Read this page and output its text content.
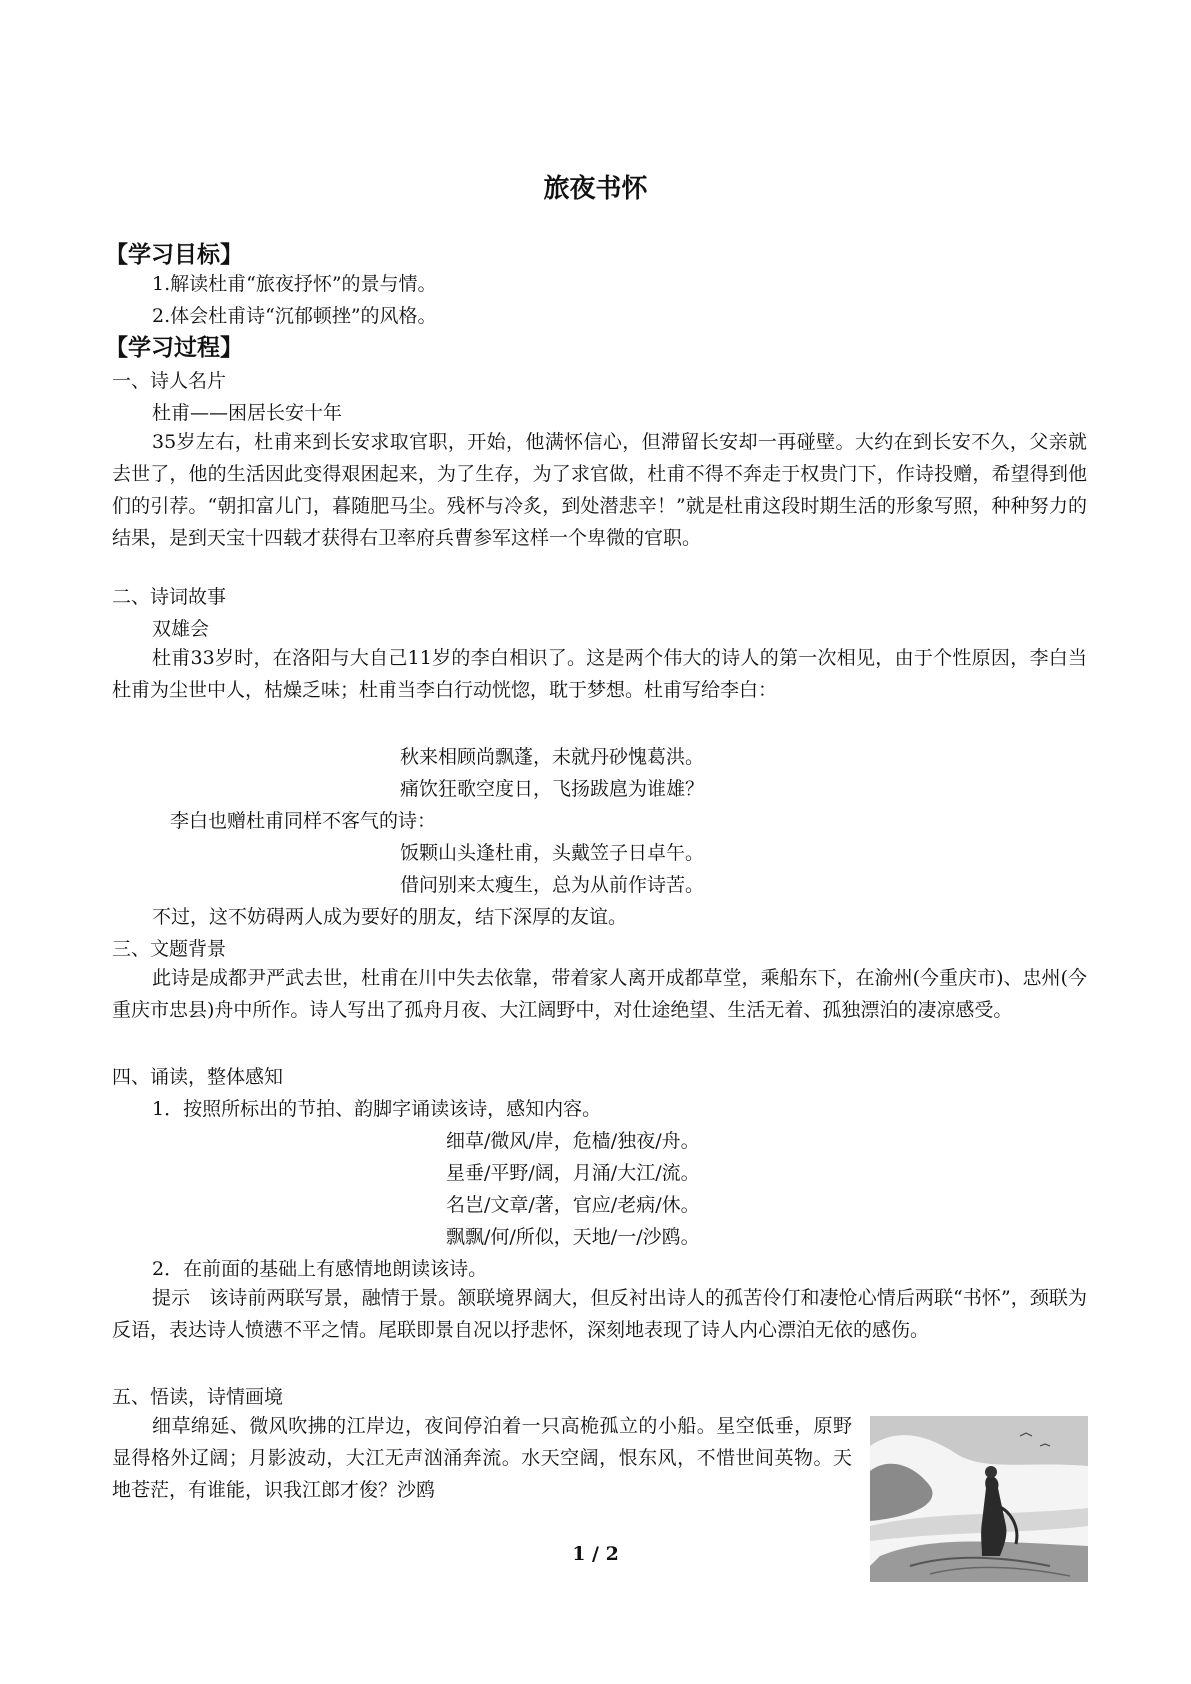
旅夜书怀
【学习目标】
1.解读杜甫“旅夜抒怀”的景与情。
2.体会杜甫诗“沉郁顿挫”的风格。
【学习过程】
一、诗人名片
杜甫——困居长安十年
35岁左右，杜甫来到长安求取官职，开始，他满怀信心，但滞留长安却一再碰壁。大约在到长安不久，父亲就去世了，他的生活因此变得艰困起来，为了生存，为了求官做，杜甫不得不奔走于权贵门下，作诗投赠，希望得到他们的引荐。“朝扣富儿门，暮随肥马尘。残杯与冷炙，到处潜悲辛！”就是杜甫这段时期生活的形象写照，种种努力的结果，是到天宝十四载才获得右卫率府兵曹参军这样一个卑微的官职。
二、诗词故事
双雄会
杜甫33岁时，在洛阳与大自己11岁的李白相识了。这是两个伟大的诗人的第一次相见，由于个性原因，李白当杜甫为尘世中人，枯燥乏味；杜甫当李白行动恍惚，耽于梦想。杜甫写给李白：
秋来相顾尚飘蓬，未就丹砂愧葛洪。
痛饮狂歌空度日，飞扬跋扈为谁雄？
李白也赠杜甫同样不客气的诗：
饭颗山头逢杜甫，头戴笠子日卓午。
借问别来太瘦生，总为从前作诗苦。
不过，这不妨碍两人成为要好的朋友，结下深厚的友谊。
三、文题背景
此诗是成都尹严武去世，杜甫在川中失去依靠，带着家人离开成都草堂，乘船东下，在渝州(今重庆市)、忠州(今重庆市忠县)舟中所作。诗人写出了孤舟月夜、大江阔野中，对仕途绝望、生活无着、孤独漂泊的凄凉感受。
四、诵读，整体感知
1．按照所标出的节拍、韵脚字诵读该诗，感知内容。
细草/微风/岸，危樯/独夜/舟。
星垂/平野/阔，月涌/大江/流。
名岂/文章/著，官应/老病/休。
飘飘/何/所似，天地/一/沙鸥。
2．在前面的基础上有感情地朗读该诗。
提示　该诗前两联写景，融情于景。颔联境界阔大，但反衬出诗人的孤苦伶仃和凄怆心情后两联“书怀”，颈联为反语，表达诗人愤懑不平之情。尾联即景自况以抒悲怀，深刻地表现了诗人内心漂泊无依的感伤。
五、悟读，诗情画境
细草绵延、微风吹拂的江岸边，夜间停泊着一只高桅孤立的小船。星空低垂，原野显得格外辽阔；月影波动，大江无声汹涌奔流。水天空阔，恨东风，不惜世间英物。天地苍茫，有谁能，识我江郎才俊？沙鸥
1 / 2
